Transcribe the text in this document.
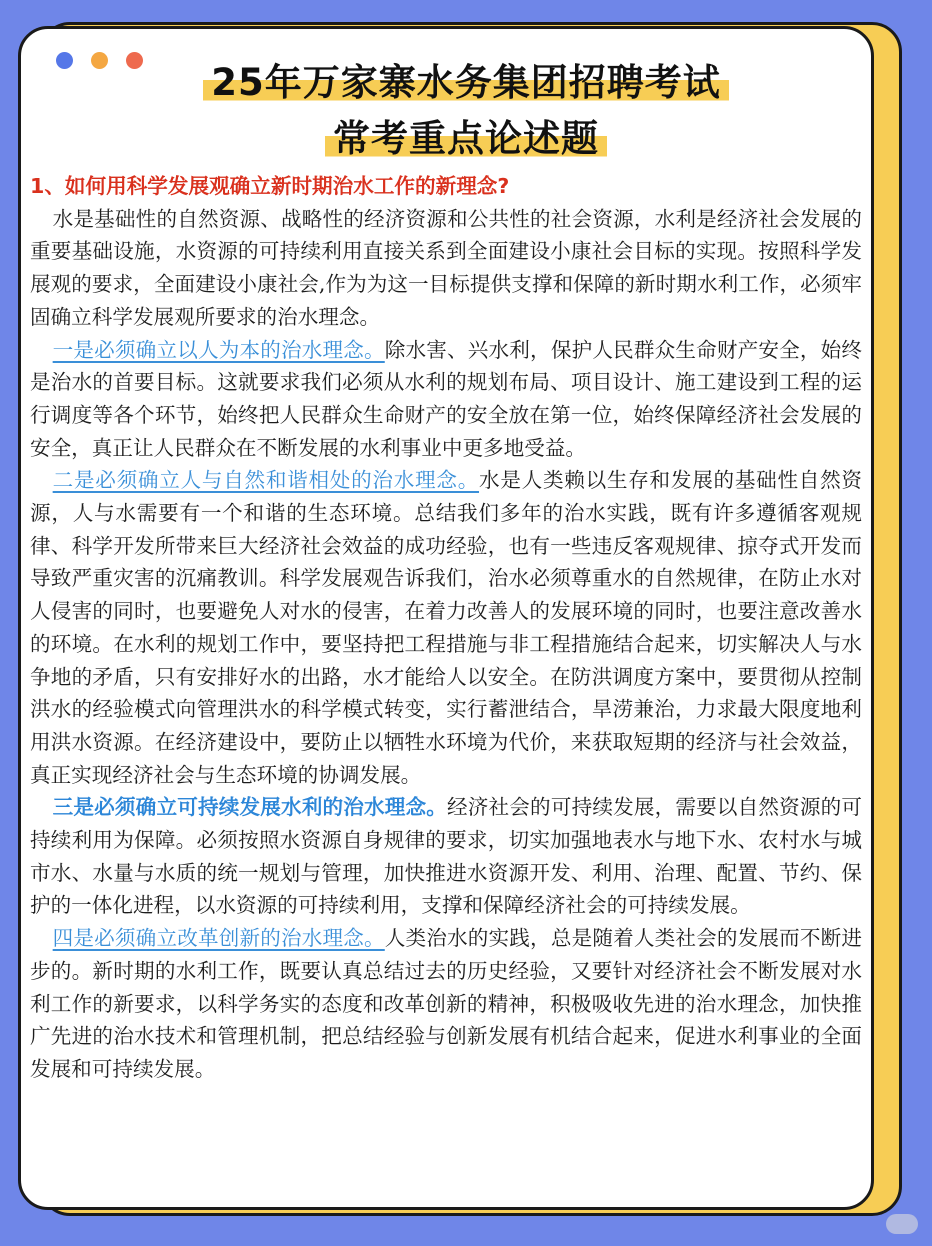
25年万家寨水务集团招聘考试
常考重点论述题
1、如何用科学发展观确立新时期治水工作的新理念?

水是基础性的自然资源、战略性的经济资源和公共性的社会资源，水利是经济社会发展的重要基础设施，水资源的可持续利用直接关系到全面建设小康社会目标的实现。按照科学发展观的要求，全面建设小康社会,作为为这一目标提供支撑和保障的新时期水利工作，必须牢固确立科学发展观所要求的治水理念。

一是必须确立以人为本的治水理念。除水害、兴水利，保护人民群众生命财产安全，始终是治水的首要目标。这就要求我们必须从水利的规划布局、项目设计、施工建设到工程的运行调度等各个环节，始终把人民群众生命财产的安全放在第一位，始终保障经济社会发展的安全，真正让人民群众在不断发展的水利事业中更多地受益。

二是必须确立人与自然和谐相处的治水理念。水是人类赖以生存和发展的基础性自然资源，人与水需要有一个和谐的生态环境。总结我们多年的治水实践，既有许多遵循客观规律、科学开发所带来巨大经济社会效益的成功经验，也有一些违反客观规律、掠夺式开发而导致严重灾害的沉痛教训。科学发展观告诉我们，治水必须尊重水的自然规律，在防止水对人侵害的同时，也要避免人对水的侵害，在着力改善人的发展环境的同时，也要注意改善水的环境。在水利的规划工作中，要坚持把工程措施与非工程措施结合起来，切实解决人与水争地的矛盾，只有安排好水的出路，水才能给人以安全。在防洪调度方案中，要贯彻从控制洪水的经验模式向管理洪水的科学模式转变，实行蓄泄结合，旱涝兼治，力求最大限度地利用洪水资源。在经济建设中，要防止以牺牲水环境为代价，来获取短期的经济与社会效益，真正实现经济社会与生态环境的协调发展。

三是必须确立可持续发展水利的治水理念。经济社会的可持续发展，需要以自然资源的可持续利用为保障。必须按照水资源自身规律的要求，切实加强地表水与地下水、农村水与城市水、水量与水质的统一规划与管理，加快推进水资源开发、利用、治理、配置、节约、保护的一体化进程，以水资源的可持续利用，支撑和保障经济社会的可持续发展。

四是必须确立改革创新的治水理念。人类治水的实践，总是随着人类社会的发展而不断进步的。新时期的水利工作，既要认真总结过去的历史经验，又要针对经济社会不断发展对水利工作的新要求，以科学务实的态度和改革创新的精神，积极吸收先进的治水理念，加快推广先进的治水技术和管理机制，把总结经验与创新发展有机结合起来，促进水利事业的全面发展和可持续发展。
